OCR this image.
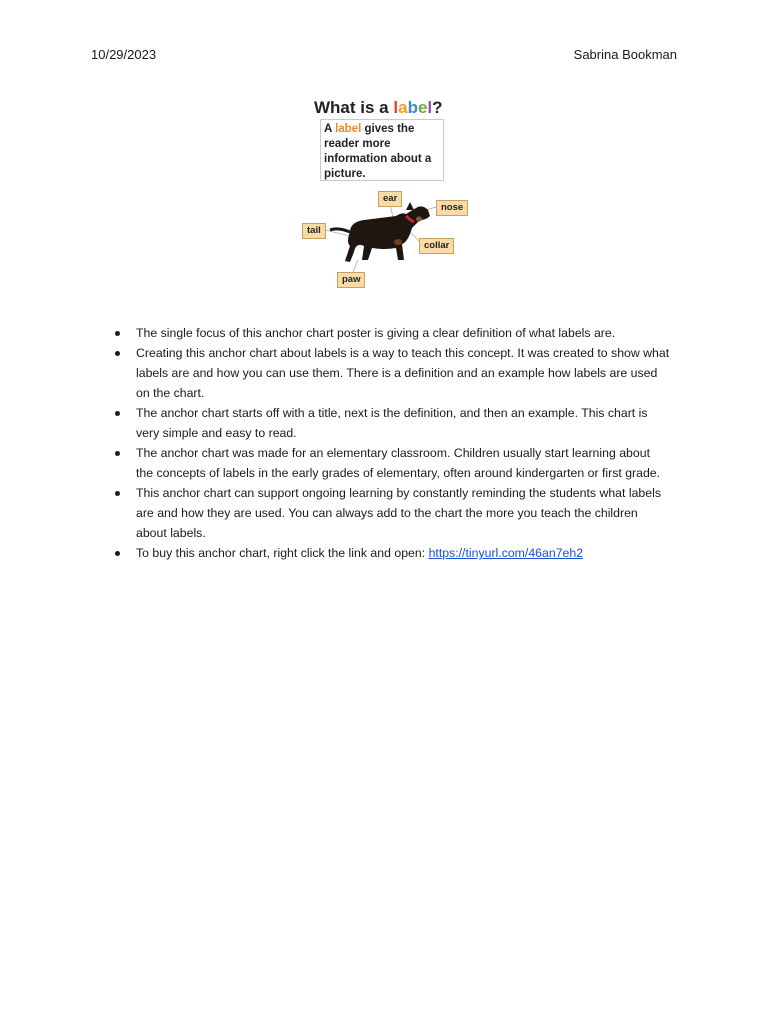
10/29/2023	Sabrina Bookman
What is a label?
A label gives the reader more information about a picture.
ear
nose
tail
collar
paw
The single focus of this anchor chart poster is giving a clear definition of what labels are.
Creating this anchor chart about labels is a way to teach this concept. It was created to show what labels are and how you can use them. There is a definition and an example how labels are used on the chart.
The anchor chart starts off with a title, next is the definition, and then an example. This chart is very simple and easy to read.
The anchor chart was made for an elementary classroom. Children usually start learning about the concepts of labels in the early grades of elementary, often around kindergarten or first grade.
This anchor chart can support ongoing learning by constantly reminding the students what labels are and how they are used. You can always add to the chart the more you teach the children about labels.
To buy this anchor chart, right click the link and open: https://tinyurl.com/46an7eh2
